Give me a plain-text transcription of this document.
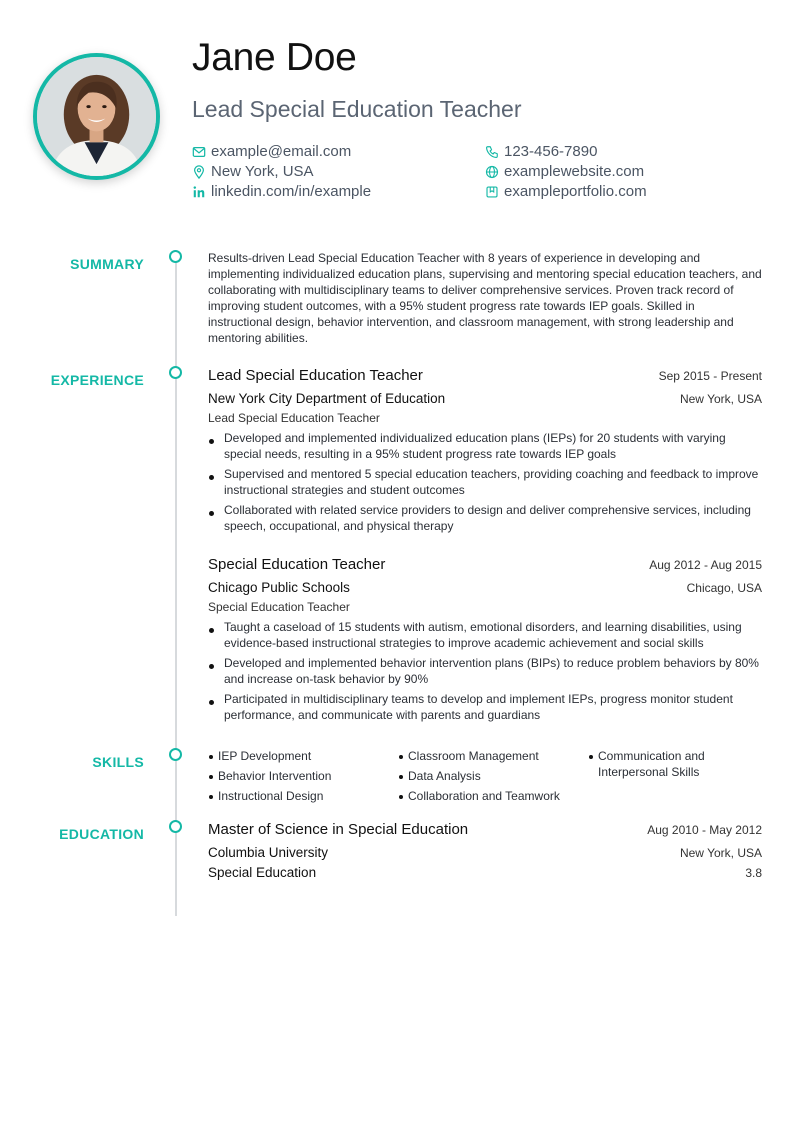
Jane Doe
Lead Special Education Teacher
example@email.com	123-456-7890
New York, USA	examplewebsite.com
linkedin.com/in/example	exampleportfolio.com
SUMMARY	Results-driven Lead Special Education Teacher with 8 years of experience in developing and implementing individualized education plans, supervising and mentoring special education teachers, and collaborating with multidisciplinary teams to deliver comprehensive services. Proven track record of improving student outcomes, with a 95% student progress rate towards IEP goals. Skilled in instructional design, behavior intervention, and classroom management, with strong leadership and mentoring abilities.

EXPERIENCE	Lead Special Education Teacher	Sep 2015 - Present
New York City Department of Education	New York, USA
Lead Special Education Teacher
Developed and implemented individualized education plans (IEPs) for 20 students with varying special needs, resulting in a 95% student progress rate towards IEP goals
Supervised and mentored 5 special education teachers, providing coaching and feedback to improve instructional strategies and student outcomes
Collaborated with related service providers to design and deliver comprehensive services, including speech, occupational, and physical therapy
Special Education Teacher	Aug 2012 - Aug 2015
Chicago Public Schools	Chicago, USA
Special Education Teacher
Taught a caseload of 15 students with autism, emotional disorders, and learning disabilities, using evidence-based instructional strategies to improve academic achievement and social skills
Developed and implemented behavior intervention plans (BIPs) to reduce problem behaviors by 80% and increase on-task behavior by 90%
Participated in multidisciplinary teams to develop and implement IEPs, progress monitor student performance, and communicate with parents and guardians
SKILLS	IEP Development	Classroom Management	Communication and Interpersonal Skills
Behavior Intervention	Data Analysis
Instructional Design	Collaboration and Teamwork
EDUCATION	Master of Science in Special Education	Aug 2010 - May 2012
Columbia University	New York, USA
Special Education	3.8
